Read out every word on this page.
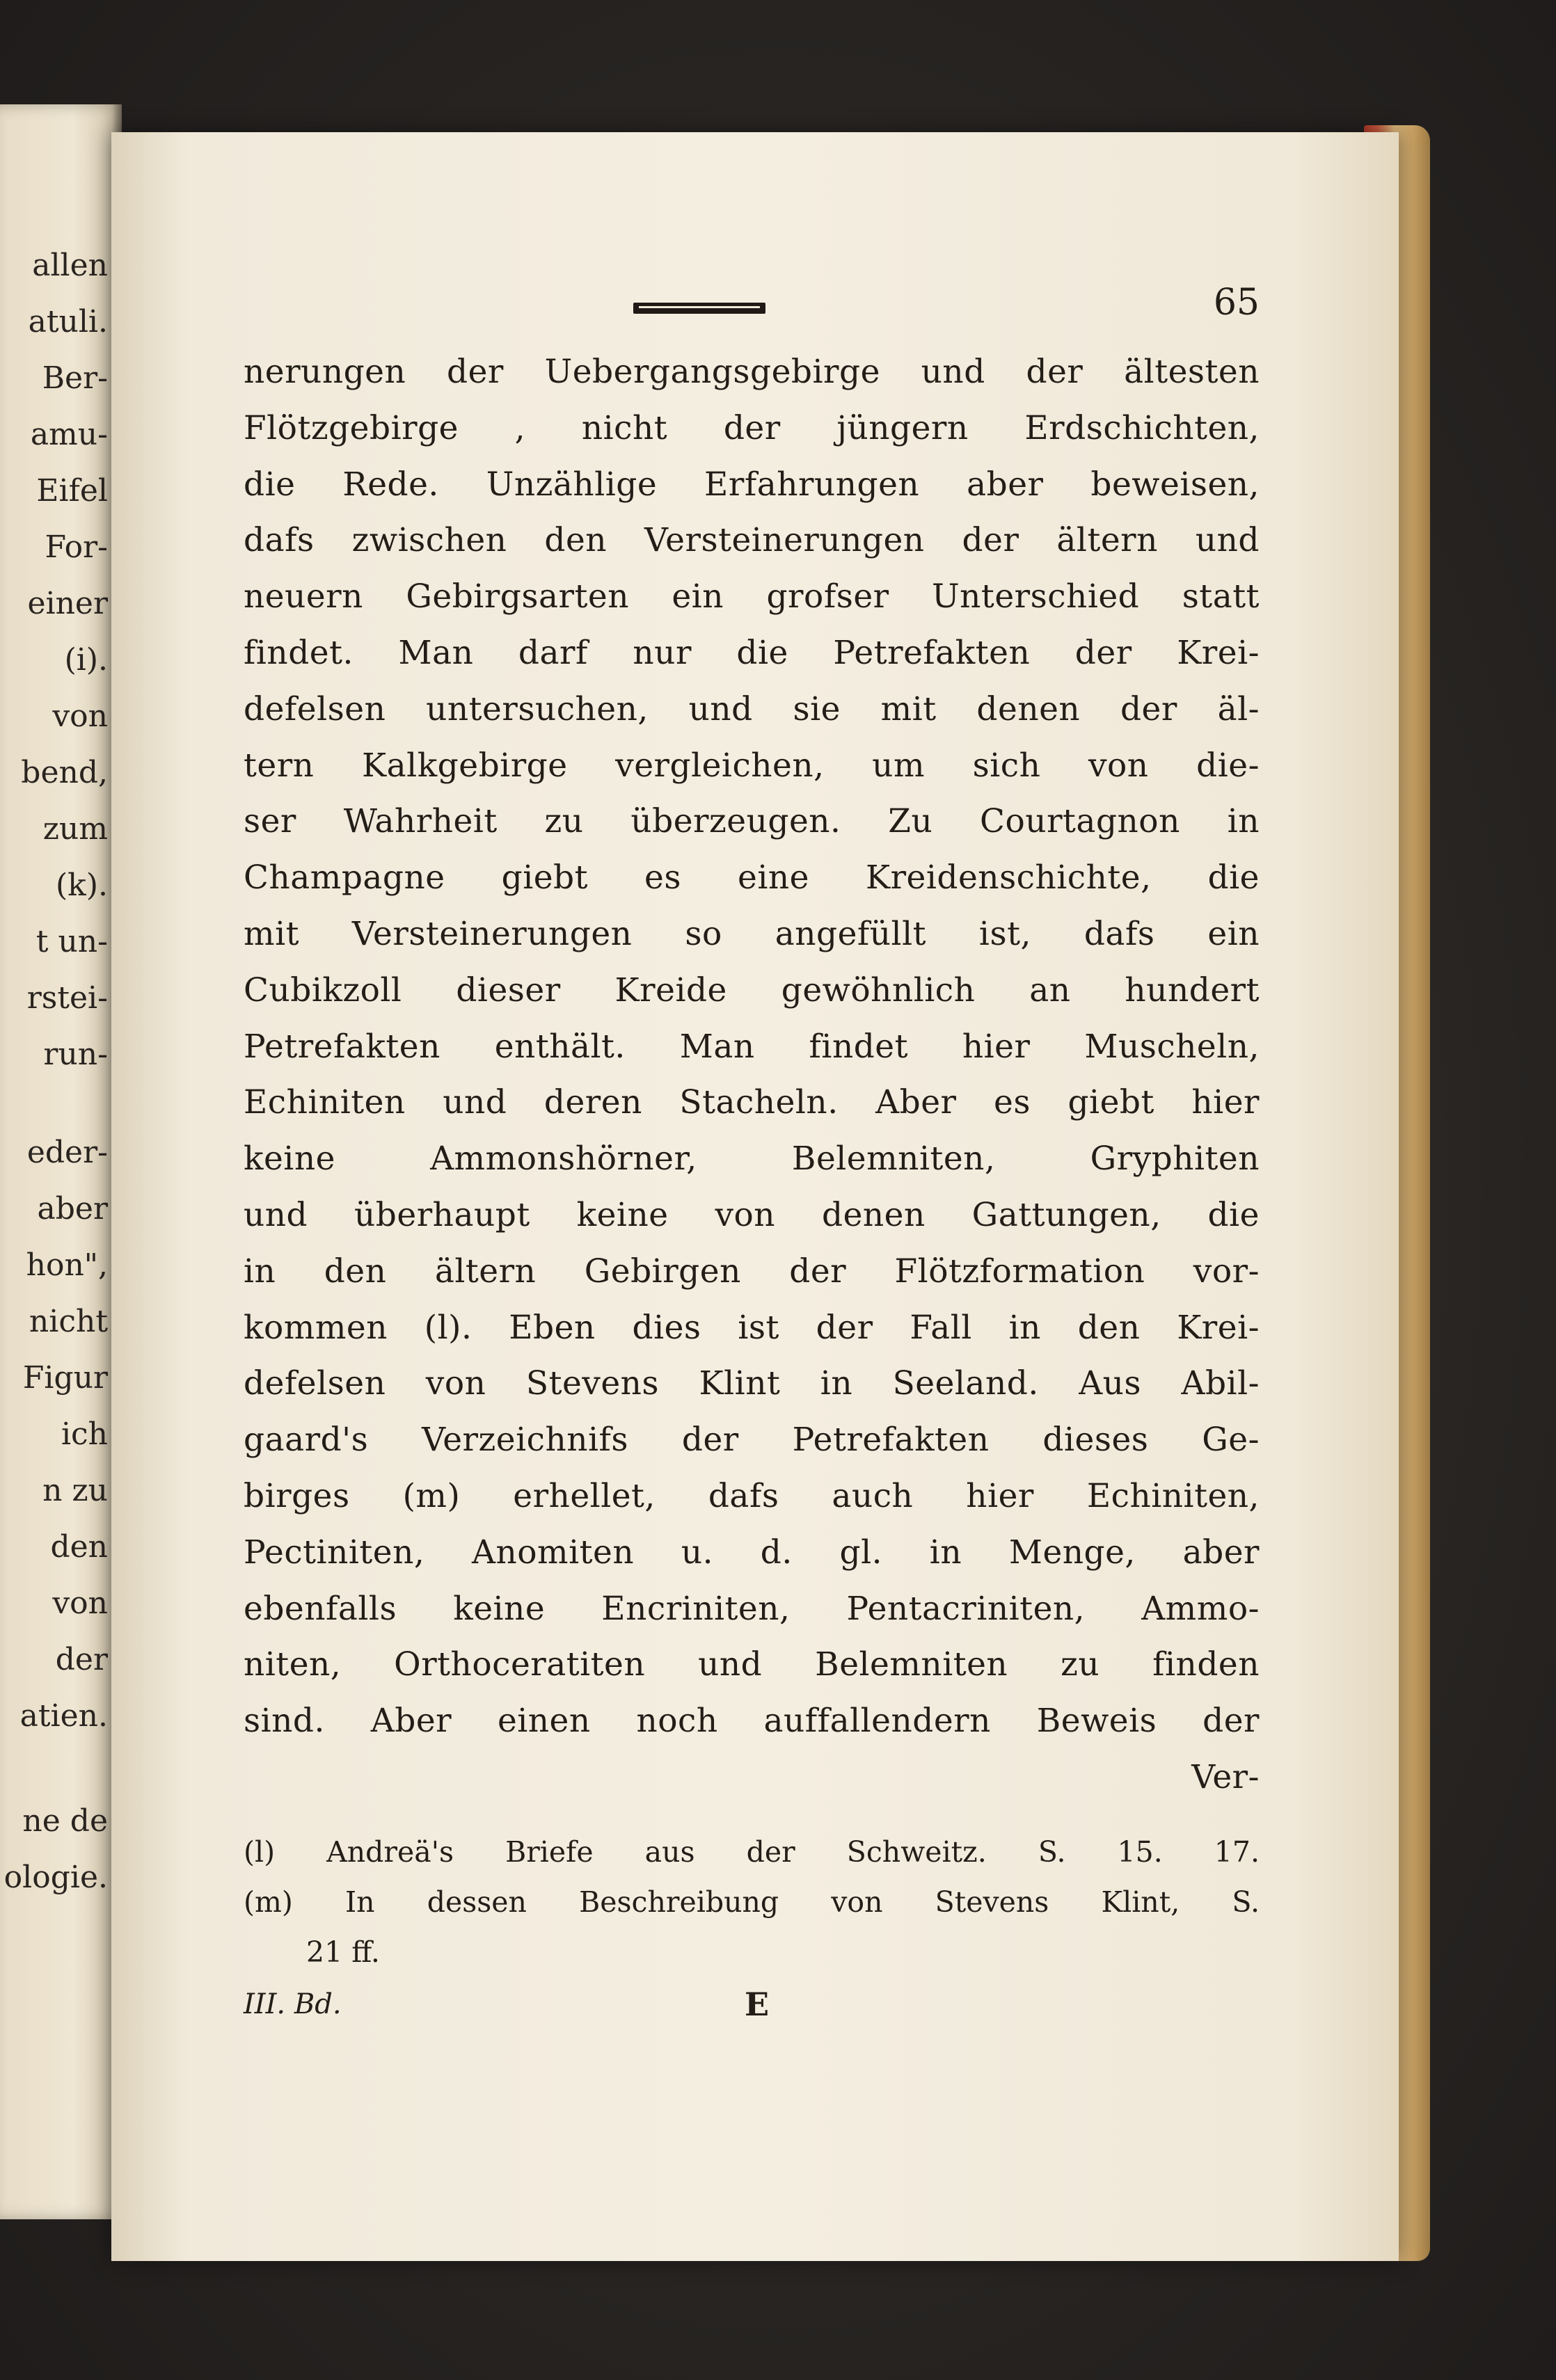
allen
atuli.
Ber-
amu-
Eifel
For-
einer
(i).
von
bend,
zum
(k).
t un-
rstei-
run-
eder-
aber
hon",
nicht
Figur
ich
n zu
den
von
der
atien.
ne de
ologie.
65
nerungen der Uebergangsgebirge und der ältesten
Flötzgebirge , nicht der jüngern Erdschichten,
die Rede. Unzählige Erfahrungen aber beweisen,
dafs zwischen den Versteinerungen der ältern und
neuern Gebirgsarten ein grofser Unterschied statt
findet. Man darf nur die Petrefakten der Krei-
defelsen untersuchen, und sie mit denen der äl-
tern Kalkgebirge vergleichen, um sich von die-
ser Wahrheit zu überzeugen. Zu Courtagnon in
Champagne giebt es eine Kreidenschichte, die
mit Versteinerungen so angefüllt ist, dafs ein
Cubikzoll dieser Kreide gewöhnlich an hundert
Petrefakten enthält. Man findet hier Muscheln,
Echiniten und deren Stacheln. Aber es giebt hier
keine Ammonshörner, Belemniten, Gryphiten
und überhaupt keine von denen Gattungen, die
in den ältern Gebirgen der Flötzformation vor-
kommen (l). Eben dies ist der Fall in den Krei-
defelsen von Stevens Klint in Seeland. Aus Abil-
gaard's Verzeichnifs der Petrefakten dieses Ge-
birges (m) erhellet, dafs auch hier Echiniten,
Pectiniten, Anomiten u. d. gl. in Menge, aber
ebenfalls keine Encriniten, Pentacriniten, Ammo-
niten, Orthoceratiten und Belemniten zu finden
sind. Aber einen noch auffallendern Beweis der
Ver-
(l) Andreä's Briefe aus der Schweitz. S. 15. 17.
(m) In dessen Beschreibung von Stevens Klint, S.
21 ff.
III. Bd.	E
